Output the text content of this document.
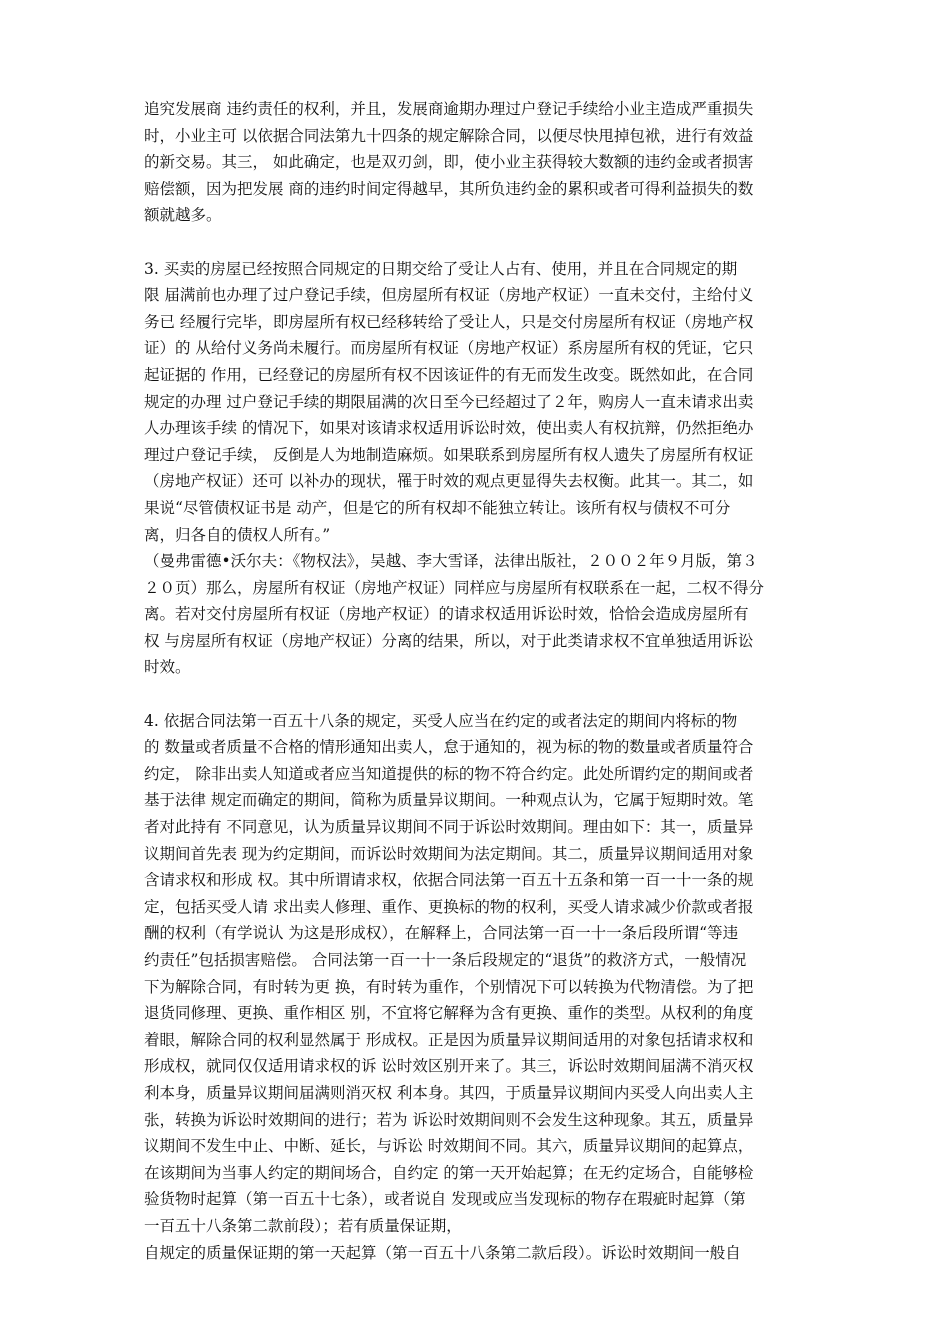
追究发展商 违约责任的权利，并且，发展商逾期办理过户登记手续给小业主造成严重损失
时，小业主可 以依据合同法第九十四条的规定解除合同，以便尽快甩掉包袱，进行有效益
的新交易。其三， 如此确定，也是双刃剑，即，使小业主获得较大数额的违约金或者损害
赔偿额，因为把发展 商的违约时间定得越早，其所负违约金的累积或者可得利益损失的数
额就越多。
3. 买卖的房屋已经按照合同规定的日期交给了受让人占有、使用，并且在合同规定的期
限 届满前也办理了过户登记手续，但房屋所有权证（房地产权证）一直未交付，主给付义
务已 经履行完毕，即房屋所有权已经移转给了受让人，只是交付房屋所有权证（房地产权
证）的 从给付义务尚未履行。而房屋所有权证（房地产权证）系房屋所有权的凭证，它只
起证据的 作用，已经登记的房屋所有权不因该证件的有无而发生改变。既然如此，在合同
规定的办理 过户登记手续的期限届满的次日至今已经超过了２年，购房人一直未请求出卖
人办理该手续 的情况下，如果对该请求权适用诉讼时效，使出卖人有权抗辩，仍然拒绝办
理过户登记手续， 反倒是人为地制造麻烦。如果联系到房屋所有权人遗失了房屋所有权证
（房地产权证）还可 以补办的现状，罹于时效的观点更显得失去权衡。此其一。其二，如
果说“尽管债权证书是 动产，但是它的所有权却不能独立转让。该所有权与债权不可分
离，归各自的债权人所有。”
（曼弗雷德•沃尔夫：《物权法》，吴越、李大雪译，法律出版社，２００２年９月版，第３
２０页）那么，房屋所有权证（房地产权证）同样应与房屋所有权联系在一起，二权不得分
离。若对交付房屋所有权证（房地产权证）的请求权适用诉讼时效，恰恰会造成房屋所有
权 与房屋所有权证（房地产权证）分离的结果，所以，对于此类请求权不宜单独适用诉讼
时效。
4. 依据合同法第一百五十八条的规定，买受人应当在约定的或者法定的期间内将标的物
的 数量或者质量不合格的情形通知出卖人，怠于通知的，视为标的物的数量或者质量符合
约定， 除非出卖人知道或者应当知道提供的标的物不符合约定。此处所谓约定的期间或者
基于法律 规定而确定的期间，简称为质量异议期间。一种观点认为，它属于短期时效。笔
者对此持有 不同意见，认为质量异议期间不同于诉讼时效期间。理由如下：其一，质量异
议期间首先表 现为约定期间，而诉讼时效期间为法定期间。其二，质量异议期间适用对象
含请求权和形成 权。其中所谓请求权，依据合同法第一百五十五条和第一百一十一条的规
定，包括买受人请 求出卖人修理、重作、更换标的物的权利，买受人请求减少价款或者报
酬的权利（有学说认 为这是形成权），在解释上，合同法第一百一十一条后段所谓“等违
约责任”包括损害赔偿。 合同法第一百一十一条后段规定的“退货”的救济方式，一般情况
下为解除合同，有时转为更 换，有时转为重作，个别情况下可以转换为代物清偿。为了把
退货同修理、更换、重作相区 别，不宜将它解释为含有更换、重作的类型。从权利的角度
着眼，解除合同的权利显然属于 形成权。正是因为质量异议期间适用的对象包括请求权和
形成权，就同仅仅适用请求权的诉 讼时效区别开来了。其三，诉讼时效期间届满不消灭权
利本身，质量异议期间届满则消灭权 利本身。其四，于质量异议期间内买受人向出卖人主
张，转换为诉讼时效期间的进行；若为 诉讼时效期间则不会发生这种现象。其五，质量异
议期间不发生中止、中断、延长，与诉讼 时效期间不同。其六，质量异议期间的起算点，
在该期间为当事人约定的期间场合，自约定 的第一天开始起算；在无约定场合，自能够检
验货物时起算（第一百五十七条），或者说自 发现或应当发现标的物存在瑕疵时起算（第
一百五十八条第二款前段）；若有质量保证期，
自规定的质量保证期的第一天起算（第一百五十八条第二款后段）。诉讼时效期间一般自
